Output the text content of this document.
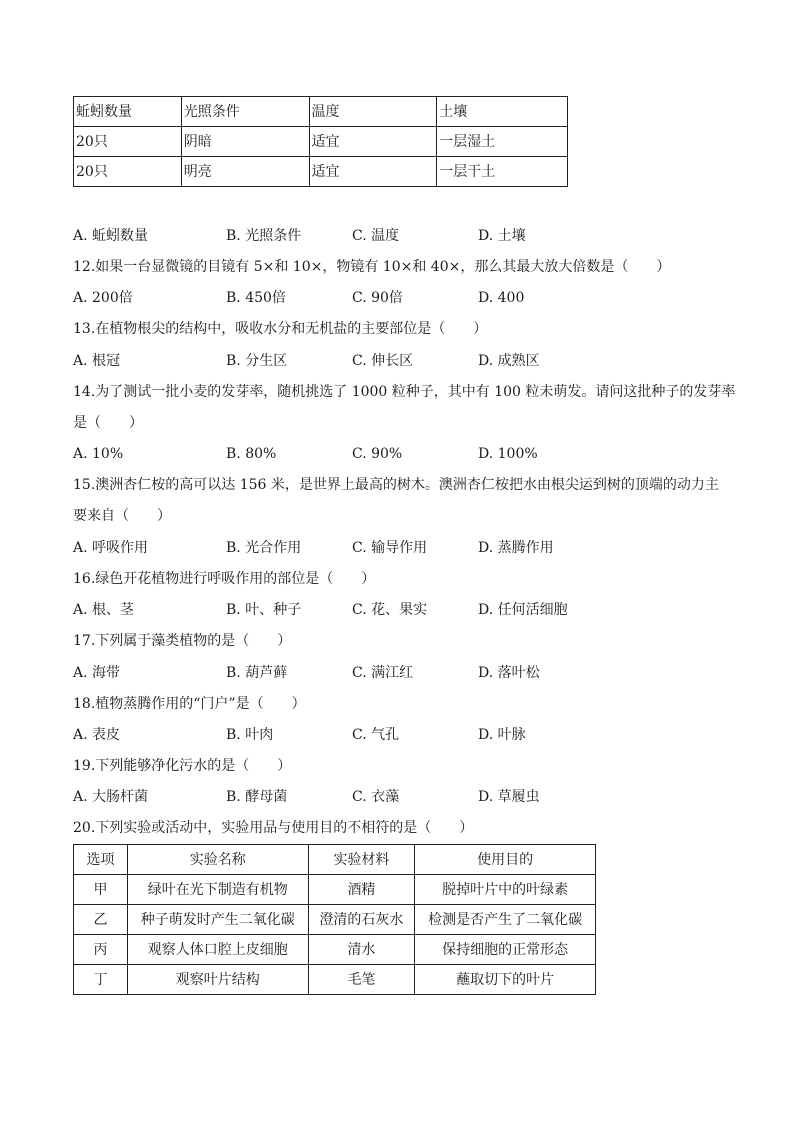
蚯蚓数量	光照条件	温度	土壤
20只	阴暗	适宜	一层湿土
20只	明亮	适宜	一层干土
A. 蚯蚓数量	B. 光照条件	C. 温度	D. 土壤
12.如果一台显微镜的目镜有 5×和 10×，物镜有 10×和 40×，那么其最大放大倍数是（　　）
A. 200倍	B. 450倍	C. 90倍	D. 400
13.在植物根尖的结构中，吸收水分和无机盐的主要部位是（　　）
A. 根冠	B. 分生区	C. 伸长区	D. 成熟区
14.为了测试一批小麦的发芽率，随机挑选了 1000 粒种子，其中有 100 粒未萌发。请问这批种子的发芽率
是（　　）
A. 10%	B. 80%	C. 90%	D. 100%
15.澳洲杏仁桉的高可以达 156 米，是世界上最高的树木。澳洲杏仁桉把水由根尖运到树的顶端的动力主
要来自（　　）
A. 呼吸作用	B. 光合作用	C. 输导作用	D. 蒸腾作用
16.绿色开花植物进行呼吸作用的部位是（　　）
A. 根、茎	B. 叶、种子	C. 花、果实	D. 任何活细胞
17.下列属于藻类植物的是（　　）
A. 海带	B. 葫芦藓	C. 满江红	D. 落叶松
18.植物蒸腾作用的“门户”是（　　）
A. 表皮	B. 叶肉	C. 气孔	D. 叶脉
19.下列能够净化污水的是（　　）
A. 大肠杆菌	B. 酵母菌	C. 衣藻	D. 草履虫
20.下列实验或活动中，实验用品与使用目的不相符的是（　　）
选项	实验名称	实验材料	使用目的
甲	绿叶在光下制造有机物	酒精	脱掉叶片中的叶绿素
乙	种子萌发时产生二氧化碳	澄清的石灰水	检测是否产生了二氧化碳
丙	观察人体口腔上皮细胞	清水	保持细胞的正常形态
丁	观察叶片结构	毛笔	蘸取切下的叶片
